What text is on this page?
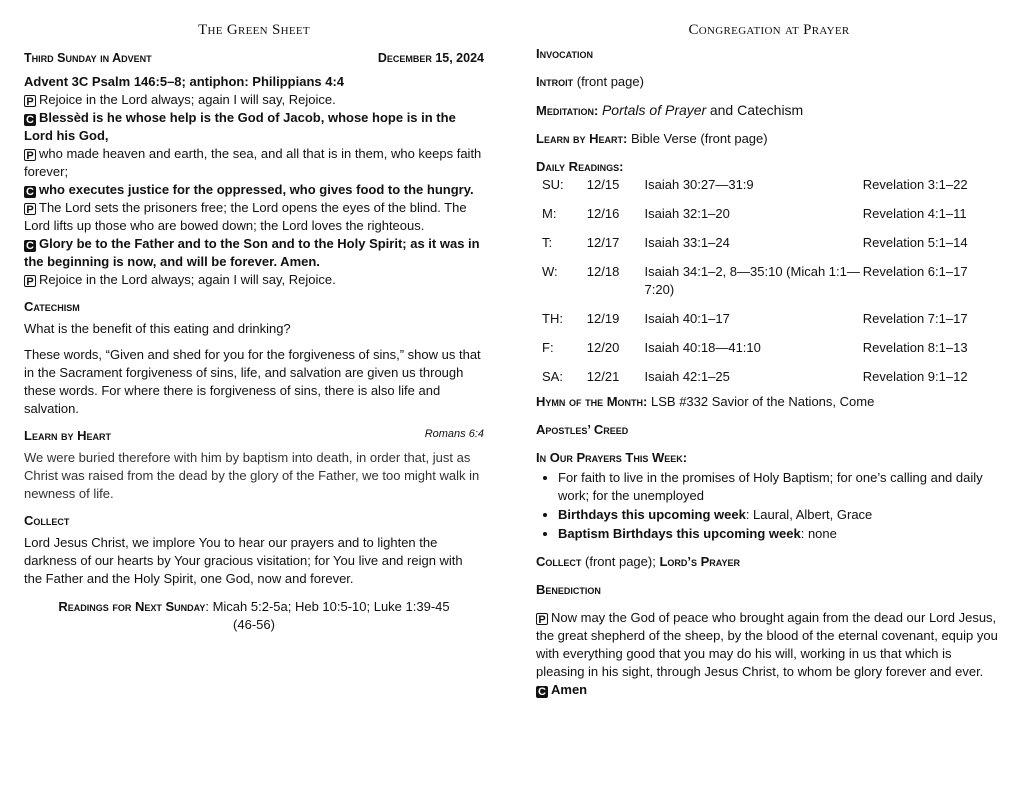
The Green Sheet
Third Sunday in Advent	December 15, 2024

Advent 3C Psalm 146:5–8; antiphon: Philippians 4:4

P Rejoice in the Lord always; again I will say, Rejoice.

C Blessèd is he whose help is the God of Jacob, whose hope is in the Lord his God,

P who made heaven and earth, the sea, and all that is in them, who keeps faith forever;

C who executes justice for the oppressed, who gives food to the hungry.

P The Lord sets the prisoners free; the Lord opens the eyes of the blind. The Lord lifts up those who are bowed down; the Lord loves the righteous.

C Glory be to the Father and to the Son and to the Holy Spirit; as it was in the beginning is now, and will be forever. Amen.

P Rejoice in the Lord always; again I will say, Rejoice.

Catechism

What is the benefit of this eating and drinking?

These words, “Given and shed for you for the forgiveness of sins,” show us that in the Sacrament forgiveness of sins, life, and salvation are given us through these words. For where there is forgiveness of sins, there is also life and salvation.

Learn by Heart	Romans 6:4

We were buried therefore with him by baptism into death, in order that, just as Christ was raised from the dead by the glory of the Father, we too might walk in newness of life.

Collect

Lord Jesus Christ, we implore You to hear our prayers and to lighten the darkness of our hearts by Your gracious visitation; for You live and reign with the Father and the Holy Spirit, one God, now and forever.

Readings for Next Sunday: Micah 5:2-5a; Heb 10:5-10; Luke 1:39-45
(46-56)
Congregation at Prayer
Invocation
Introit (front page)
Meditation: Portals of Prayer and Catechism
Learn by Heart: Bible Verse (front page)
Daily Readings:
SU:	12/15	Isaiah 30:27—31:9	Revelation 3:1–22
M:	12/16	Isaiah 32:1–20	Revelation 4:1–11
T:	12/17	Isaiah 33:1–24	Revelation 5:1–14
W:	12/18	Isaiah 34:1–2, 8—35:10 (Micah 1:1—7:20)	Revelation 6:1–17
TH:	12/19	Isaiah 40:1–17	Revelation 7:1–17
F:	12/20	Isaiah 40:18—41:10	Revelation 8:1–13
SA:	12/21	Isaiah 42:1–25	Revelation 9:1–12
Hymn of the Month: LSB #332 Savior of the Nations, Come
Apostles’ Creed
In Our Prayers This Week:
• For faith to live in the promises of Holy Baptism; for one’s calling and daily work; for the unemployed
• Birthdays this upcoming week: Laural, Albert, Grace
• Baptism Birthdays this upcoming week: none
Collect (front page); Lord’s Prayer
Benediction

P Now may the God of peace who brought again from the dead our Lord Jesus, the great shepherd of the sheep, by the blood of the eternal covenant, equip you with everything good that you may do his will, working in us that which is pleasing in his sight, through Jesus Christ, to whom be glory forever and ever.

C Amen
